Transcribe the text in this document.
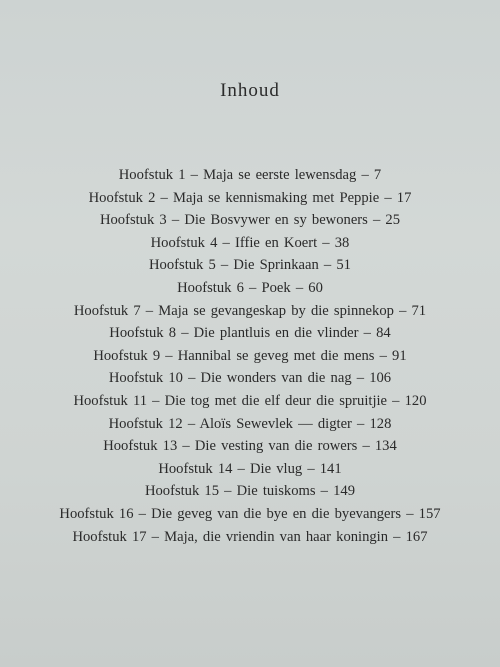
Inhoud
Hoofstuk 1 – Maja se eerste lewensdag – 7
Hoofstuk 2 – Maja se kennismaking met Peppie – 17
Hoofstuk 3 – Die Bosvywer en sy bewoners – 25
Hoofstuk 4 – Iffie en Koert – 38
Hoofstuk 5 – Die Sprinkaan – 51
Hoofstuk 6 – Poek – 60
Hoofstuk 7 – Maja se gevangeskap by die spinnekop – 71
Hoofstuk 8 – Die plantluis en die vlinder – 84
Hoofstuk 9 – Hannibal se geveg met die mens – 91
Hoofstuk 10 – Die wonders van die nag – 106
Hoofstuk 11 – Die tog met die elf deur die spruitjie – 120
Hoofstuk 12 – Aloïs Sewevlek — digter – 128
Hoofstuk 13 – Die vesting van die rowers – 134
Hoofstuk 14 – Die vlug – 141
Hoofstuk 15 – Die tuiskoms – 149
Hoofstuk 16 – Die geveg van die bye en die byevangers – 157
Hoofstuk 17 – Maja, die vriendin van haar koningin – 167
